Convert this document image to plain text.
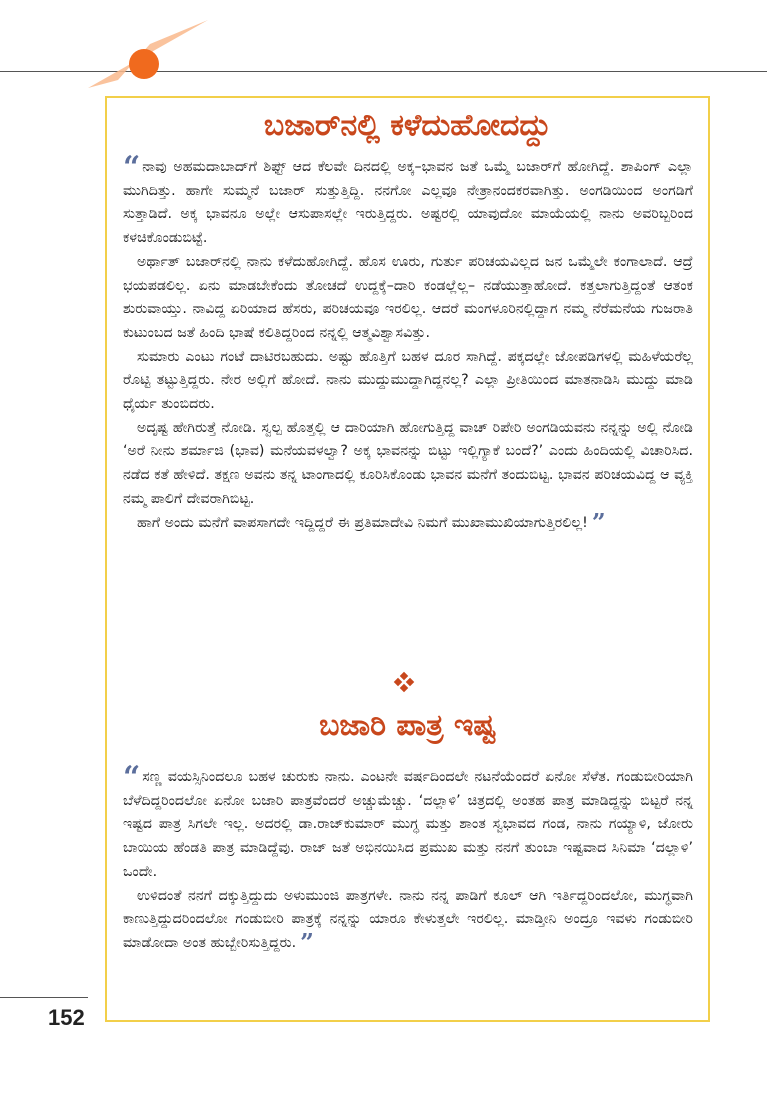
ಬಜಾರ್‌ನಲ್ಲಿ ಕಳೆದುಹೋದದ್ದು

“ ನಾವು ಅಹಮದಾಬಾದ್‌ಗೆ ಶಿಫ್ಟ್ ಆದ ಕೆಲವೇ ದಿನದಲ್ಲಿ ಅಕ್ಕ–ಭಾವನ ಜತೆ ಒಮ್ಮೆ ಬಜಾರ್‌ಗೆ ಹೋಗಿದ್ದೆ. ಶಾಪಿಂಗ್ ಎಲ್ಲಾ ಮುಗಿದಿತ್ತು. ಹಾಗೇ ಸುಮ್ಮನೆ ಬಜಾರ್ ಸುತ್ತುತ್ತಿದ್ದಿ. ನನಗೋ ಎಲ್ಲವೂ ನೇತ್ರಾನಂದಕರವಾಗಿತ್ತು. ಅಂಗಡಿಯಿಂದ ಅಂಗಡಿಗೆ ಸುತ್ತಾಡಿದೆ. ಅಕ್ಕ ಭಾವನೂ ಅಲ್ಲೇ ಆಸುಪಾಸಲ್ಲೇ ಇರುತ್ತಿದ್ದರು. ಅಷ್ಟರಲ್ಲಿ ಯಾವುದೋ ಮಾಯೆಯಲ್ಲಿ ನಾನು ಅವರಿಬ್ಬರಿಂದ ಕಳಚಿಕೊಂಡುಬಿಟ್ಟೆ.

ಅರ್ಥಾತ್ ಬಜಾರ್‌ನಲ್ಲಿ ನಾನು ಕಳೆದುಹೋಗಿದ್ದೆ. ಹೊಸ ಊರು, ಗುರ್ತು ಪರಿಚಯವಿಲ್ಲದ ಜನ ಒಮ್ಮೆಲೇ ಕಂಗಾಲಾದೆ. ಆದ್ರೆ ಭಯಪಡಲಿಲ್ಲ. ಏನು ಮಾಡಬೇಕೆಂದು ತೋಚದೆ ಉದ್ದಕ್ಕೆ–ದಾರಿ ಕಂಡಲ್ಲೆಲ್ಲ– ನಡೆಯುತ್ತಾಹೋದೆ. ಕತ್ತಲಾಗುತ್ತಿದ್ದಂತೆ ಆತಂಕ ಶುರುವಾಯ್ತು. ನಾವಿದ್ದ ಏರಿಯಾದ ಹೆಸರು, ಪರಿಚಯವೂ ಇರಲಿಲ್ಲ. ಆದರೆ ಮಂಗಳೂರಿನಲ್ಲಿದ್ದಾಗ ನಮ್ಮ ನೆರೆಮನೆಯ ಗುಜರಾತಿ ಕುಟುಂಬದ ಜತೆ ಹಿಂದಿ ಭಾಷೆ ಕಲಿತಿದ್ದರಿಂದ ನನ್ನಲ್ಲಿ ಆತ್ಮವಿಶ್ವಾಸವಿತ್ತು.

ಸುಮಾರು ಎಂಟು ಗಂಟೆ ದಾಟಿರಬಹುದು. ಅಷ್ಟು ಹೊತ್ತಿಗೆ ಬಹಳ ದೂರ ಸಾಗಿದ್ದೆ. ಪಕ್ಕದಲ್ಲೇ ಜೋಪಡಿಗಳಲ್ಲಿ ಮಹಿಳೆಯರೆಲ್ಲ ರೊಟ್ಟಿ ತಟ್ಟುತ್ತಿದ್ದರು. ನೇರ ಅಲ್ಲಿಗೆ ಹೋದೆ. ನಾನು ಮುದ್ದುಮುದ್ದಾಗಿದ್ದನಲ್ಲ? ಎಲ್ಲಾ ಪ್ರೀತಿಯಿಂದ ಮಾತನಾಡಿಸಿ ಮುದ್ದು ಮಾಡಿ ಧೈರ್ಯ ತುಂಬಿದರು.

ಅದೃಷ್ಟ ಹೇಗಿರುತ್ತೆ ನೋಡಿ. ಸ್ವಲ್ಪ ಹೊತ್ತಲ್ಲಿ ಆ ದಾರಿಯಾಗಿ ಹೋಗುತ್ತಿದ್ದ ವಾಚ್ ರಿಪೇರಿ ಅಂಗಡಿಯವನು ನನ್ನನ್ನು ಅಲ್ಲಿ ನೋಡಿ ‘ಅರೆ ನೀನು ಶರ್ಮಾಜಿ (ಭಾವ) ಮನೆಯವಳಲ್ವಾ? ಅಕ್ಕ ಭಾವನನ್ನು ಬಿಟ್ಟು ಇಲ್ಲಿಗ್ಯಾಕೆ ಬಂದೆ?’ ಎಂದು ಹಿಂದಿಯಲ್ಲಿ ವಿಚಾರಿಸಿದ. ನಡೆದ ಕತೆ ಹೇಳಿದೆ. ತಕ್ಷಣ ಅವನು ತನ್ನ ಟಾಂಗಾದಲ್ಲಿ ಕೂರಿಸಿಕೊಂಡು ಭಾವನ ಮನೆಗೆ ತಂದುಬಿಟ್ಟ. ಭಾವನ ಪರಿಚಯವಿದ್ದ ಆ ವ್ಯಕ್ತಿ ನಮ್ಮ ಪಾಲಿಗೆ ದೇವರಾಗಿಬಿಟ್ಟ.

ಹಾಗೆ ಅಂದು ಮನೆಗೆ ವಾಪಸಾಗದೇ ಇದ್ದಿದ್ದರೆ ಈ ಪ್ರತಿಮಾದೇವಿ ನಿಮಗೆ ಮುಖಾಮುಖಿಯಾಗುತ್ತಿರಲಿಲ್ಲ! ”

ಬಜಾರಿ ಪಾತ್ರ ಇಷ್ಟ

“ ಸಣ್ಣ ವಯಸ್ಸಿನಿಂದಲೂ ಬಹಳ ಚುರುಕು ನಾನು. ಎಂಟನೇ ವರ್ಷದಿಂದಲೇ ನಟನೆಯೆಂದರೆ ಏನೋ ಸೆಳೆತ. ಗಂಡುಬೀರಿಯಾಗಿ ಬೆಳೆದಿದ್ದರಿಂದಲೋ ಏನೋ ಬಜಾರಿ ಪಾತ್ರವೆಂದರೆ ಅಚ್ಚುಮೆಚ್ಚು. ‘ದಲ್ಲಾಳಿ’ ಚಿತ್ರದಲ್ಲಿ ಅಂತಹ ಪಾತ್ರ ಮಾಡಿದ್ದನ್ನು ಬಿಟ್ಟರೆ ನನ್ನ ಇಷ್ಟದ ಪಾತ್ರ ಸಿಗಲೇ ಇಲ್ಲ. ಅದರಲ್ಲಿ ಡಾ.ರಾಜ್‌ಕುಮಾರ್ ಮುಗ್ಧ ಮತ್ತು ಶಾಂತ ಸ್ವಭಾವದ ಗಂಡ, ನಾನು ಗಯ್ಯಾಳಿ, ಜೋರು ಬಾಯಿಯ ಹೆಂಡತಿ ಪಾತ್ರ ಮಾಡಿದ್ದೆವು. ರಾಜ್ ಜತೆ ಅಭಿನಯಿಸಿದ ಪ್ರಮುಖ ಮತ್ತು ನನಗೆ ತುಂಬಾ ಇಷ್ಟವಾದ ಸಿನಿಮಾ ‘ದಲ್ಲಾಳಿ’ ಒಂದೇ.

ಉಳಿದಂತೆ ನನಗೆ ದಕ್ಕುತ್ತಿದ್ದುದು ಅಳುಮುಂಜಿ ಪಾತ್ರಗಳೇ. ನಾನು ನನ್ನ ಪಾಡಿಗೆ ಕೂಲ್ ಆಗಿ ಇರ್ತಿದ್ದರಿಂದಲೋ, ಮುಗ್ಧವಾಗಿ ಕಾಣುತ್ತಿದ್ದುದರಿಂದಲೋ ಗಂಡುಬೀರಿ ಪಾತ್ರಕ್ಕೆ ನನ್ನನ್ನು ಯಾರೂ ಕೇಳುತ್ತಲೇ ಇರಲಿಲ್ಲ. ಮಾಡ್ತೀನಿ ಅಂದ್ರೂ ಇವಳು ಗಂಡುಬೀರಿ ಮಾಡೋದಾ ಅಂತ ಹುಬ್ಬೇರಿಸುತ್ತಿದ್ದರು. ”

152
